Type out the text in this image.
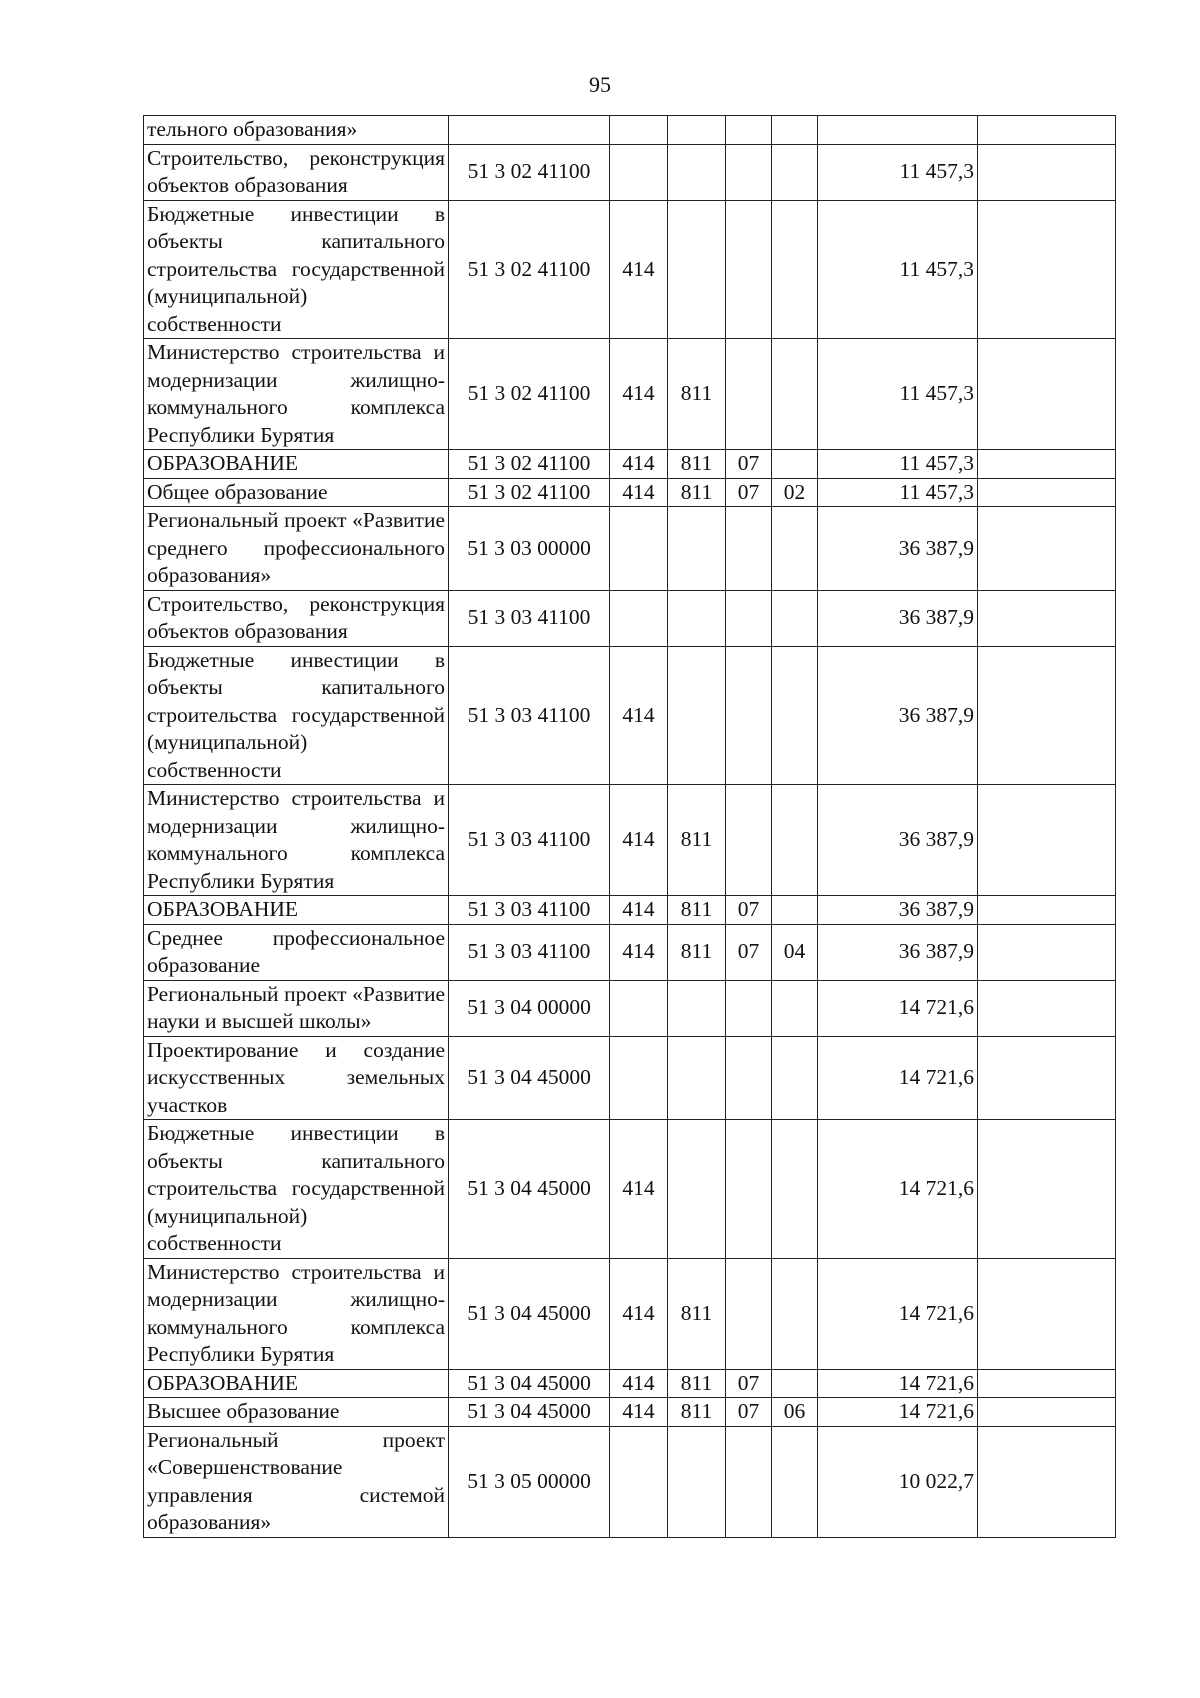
95
тельного образования»							
Строительство, реконструкция объектов образования	51 3 02 41100					11 457,3	
Бюджетные инвестиции в объекты капитального строительства государственной (муниципальной) собственности	51 3 02 41100	414				11 457,3	
Министерство строительства и модернизации жилищно-коммунального комплекса Республики Бурятия	51 3 02 41100	414	811			11 457,3	
ОБРАЗОВАНИЕ	51 3 02 41100	414	811	07		11 457,3	
Общее образование	51 3 02 41100	414	811	07	02	11 457,3	
Региональный проект «Развитие среднего профессионального образования»	51 3 03 00000					36 387,9	
Строительство, реконструкция объектов образования	51 3 03 41100					36 387,9	
Бюджетные инвестиции в объекты капитального строительства государственной (муниципальной) собственности	51 3 03 41100	414				36 387,9	
Министерство строительства и модернизации жилищно-коммунального комплекса Республики Бурятия	51 3 03 41100	414	811			36 387,9	
ОБРАЗОВАНИЕ	51 3 03 41100	414	811	07		36 387,9	
Среднее профессиональное образование	51 3 03 41100	414	811	07	04	36 387,9	
Региональный проект «Развитие науки и высшей школы»	51 3 04 00000					14 721,6	
Проектирование и создание искусственных земельных участков	51 3 04 45000					14 721,6	
Бюджетные инвестиции в объекты капитального строительства государственной (муниципальной) собственности	51 3 04 45000	414				14 721,6	
Министерство строительства и модернизации жилищно-коммунального комплекса Республики Бурятия	51 3 04 45000	414	811			14 721,6	
ОБРАЗОВАНИЕ	51 3 04 45000	414	811	07		14 721,6	
Высшее образование	51 3 04 45000	414	811	07	06	14 721,6	
Региональный проект «Совершенствование управления системой образования»	51 3 05 00000					10 022,7	
